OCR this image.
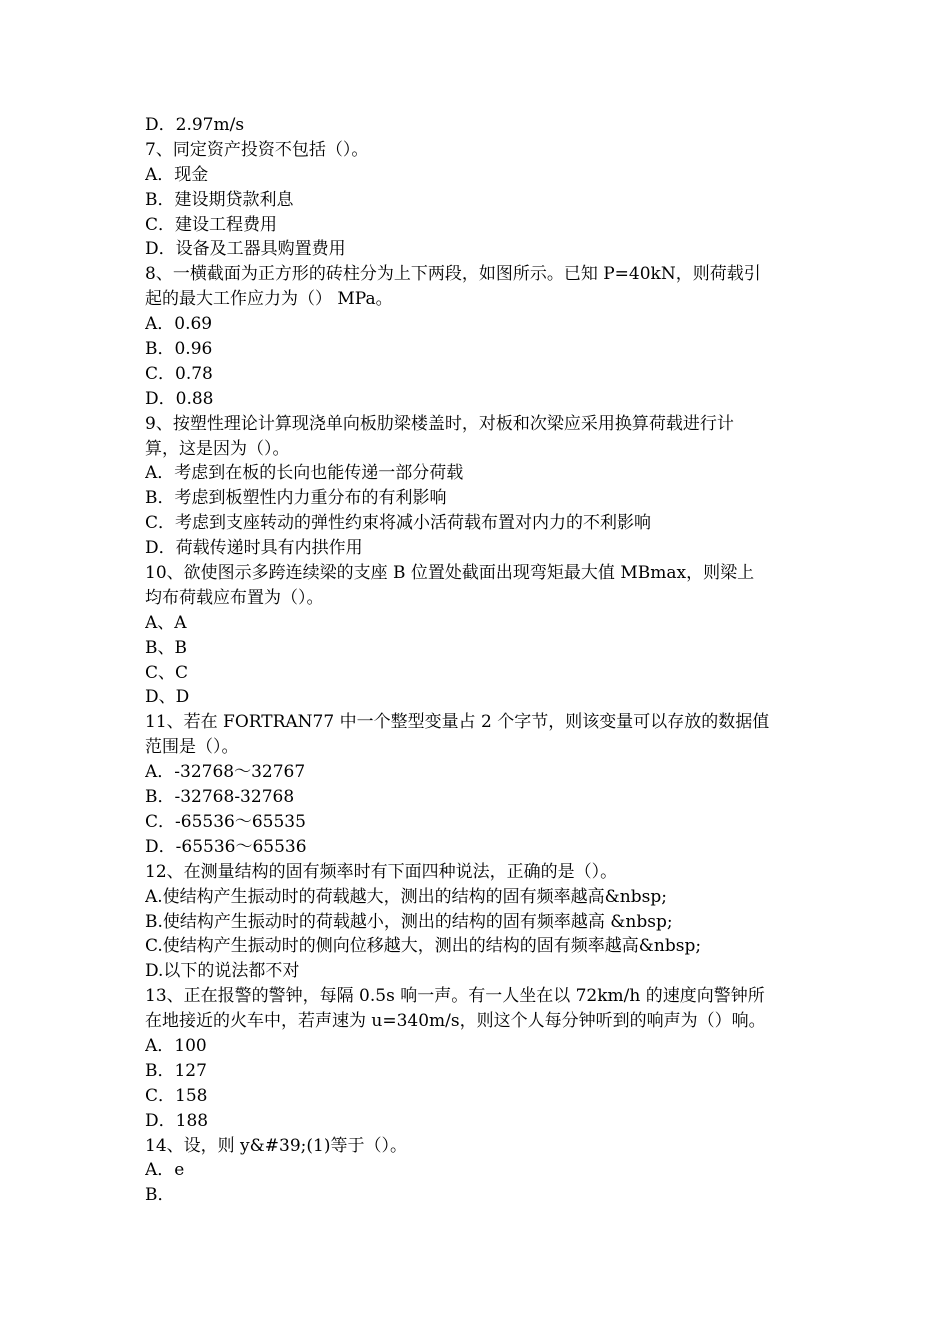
D．2.97m/s
7、同定资产投资不包括（）。
A．现金
B．建设期贷款利息
C．建设工程费用
D．设备及工器具购置费用
8、一横截面为正方形的砖柱分为上下两段，如图所示。已知 P=40kN，则荷载引
起的最大工作应力为（） MPa。
A．0.69
B．0.96
C．0.78
D．0.88
9、按塑性理论计算现浇单向板肋梁楼盖时，对板和次梁应采用换算荷载进行计
算，这是因为（）。
A．考虑到在板的长向也能传递一部分荷载
B．考虑到板塑性内力重分布的有利影响
C．考虑到支座转动的弹性约束将减小活荷载布置对内力的不利影响
D．荷载传递时具有内拱作用
10、欲使图示多跨连续梁的支座 B 位置处截面出现弯矩最大值 MBmax，则梁上
均布荷载应布置为（）。
A、A
B、B
C、C
D、D
11、若在 FORTRAN77 中一个整型变量占 2 个字节，则该变量可以存放的数据值
范围是（）。
A．-32768～32767
B．-32768-32768
C．-65536～65535
D．-65536～65536
12、在测量结构的固有频率时有下面四种说法，正确的是（）。
A.使结构产生振动时的荷载越大，测出的结构的固有频率越高&nbsp;
B.使结构产生振动时的荷载越小，测出的结构的固有频率越高 &nbsp;
C.使结构产生振动时的侧向位移越大，测出的结构的固有频率越高&nbsp;
D.以下的说法都不对
13、正在报警的警钟，每隔 0.5s 响一声。有一人坐在以 72km/h 的速度向警钟所
在地接近的火车中，若声速为 u=340m/s，则这个人每分钟听到的响声为（）响。
A．100
B．127
C．158
D．188
14、设，则 y&#39;(1)等于（）。
A．e
B．
